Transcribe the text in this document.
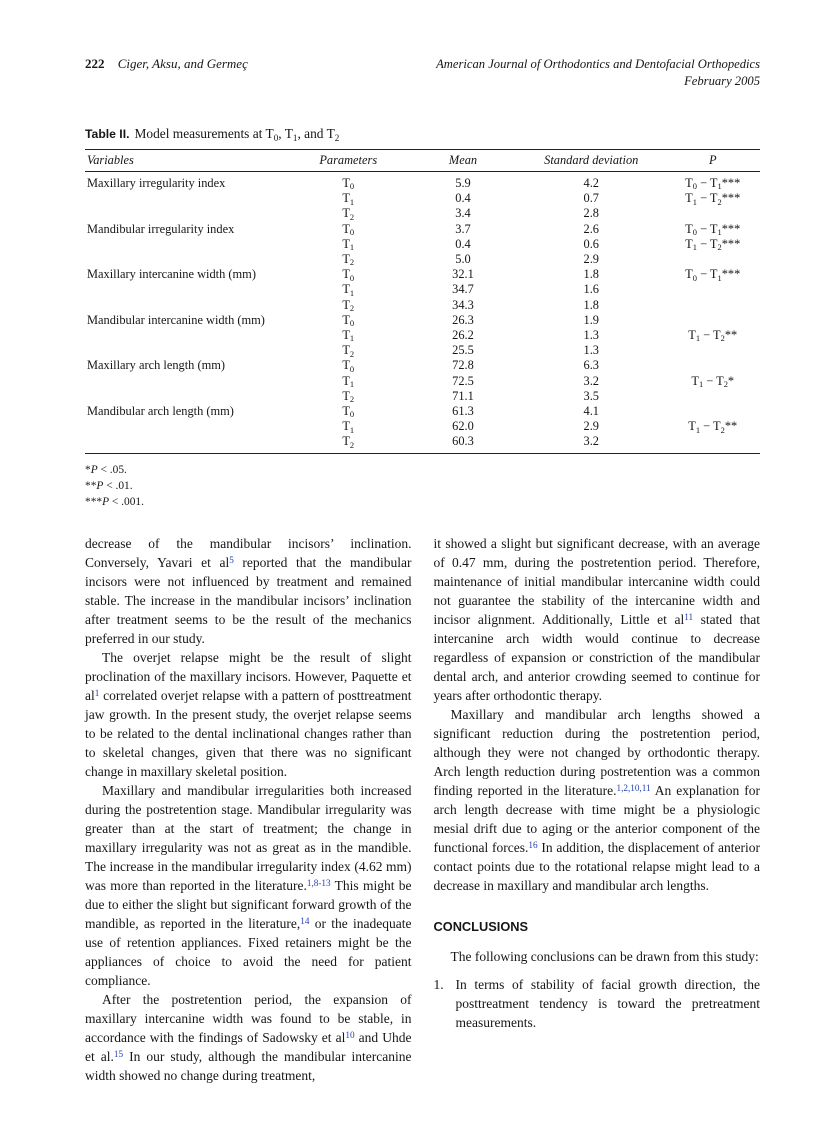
222 Ciger, Aksu, and Germeç	American Journal of Orthodontics and Dentofacial Orthopedics
February 2005
Table II. Model measurements at $T_0$, $T_1$, and $T_2$
Variables	Parameters	Mean	Standard deviation	P
Maxillary irregularity index	$T_0$	5.9	4.2	$T_0 - T_1***$
	$T_1$	0.4	0.7	$T_1 - T_2***$
	$T_2$	3.4	2.8	
Mandibular irregularity index	$T_0$	3.7	2.6	$T_0 - T_1***$
	$T_1$	0.4	0.6	$T_1 - T_2***$
	$T_2$	5.0	2.9	
Maxillary intercanine width (mm)	$T_0$	32.1	1.8	$T_0 - T_1***$
	$T_1$	34.7	1.6	
	$T_2$	34.3	1.8	
Mandibular intercanine width (mm)	$T_0$	26.3	1.9	
	$T_1$	26.2	1.3	$T_1 - T_2**$
	$T_2$	25.5	1.3	
Maxillary arch length (mm)	$T_0$	72.8	6.3	
	$T_1$	72.5	3.2	$T_1 - T_2*$
	$T_2$	71.1	3.5	
Mandibular arch length (mm)	$T_0$	61.3	4.1	
	$T_1$	62.0	2.9	$T_1 - T_2**$
	$T_2$	60.3	3.2	
*P < .05.
**P < .01.
***P < .001.

decrease of the mandibular incisors’ inclination. Conversely, Yavari et al$^5$ reported that the mandibular incisors were not influenced by treatment and remained stable. The increase in the mandibular incisors’ inclination after treatment seems to be the result of the mechanics preferred in our study.

The overjet relapse might be the result of slight proclination of the maxillary incisors. However, Paquette et al$^1$ correlated overjet relapse with a pattern of posttreatment jaw growth. In the present study, the overjet relapse seems to be related to the dental inclinational changes rather than to skeletal changes, given that there was no significant change in maxillary skeletal position.

Maxillary and mandibular irregularities both increased during the postretention stage. Mandibular irregularity was greater than at the start of treatment; the change in maxillary irregularity was not as great as in the mandible. The increase in the mandibular irregularity index (4.62 mm) was more than reported in the literature.$^{1,8-13}$ This might be due to either the slight but significant forward growth of the mandible, as reported in the literature,$^{14}$ or the inadequate use of retention appliances. Fixed retainers might be the appliances of choice to avoid the need for patient compliance.

After the postretention period, the expansion of maxillary intercanine width was found to be stable, in accordance with the findings of Sadowsky et al$^{10}$ and Uhde et al.$^{15}$ In our study, although the mandibular intercanine width showed no change during treatment,

it showed a slight but significant decrease, with an average of 0.47 mm, during the postretention period. Therefore, maintenance of initial mandibular intercanine width could not guarantee the stability of the intercanine width and incisor alignment. Additionally, Little et al$^{11}$ stated that intercanine arch width would continue to decrease regardless of expansion or constriction of the mandibular dental arch, and anterior crowding seemed to continue for years after orthodontic therapy.

Maxillary and mandibular arch lengths showed a significant reduction during the postretention period, although they were not changed by orthodontic therapy. Arch length reduction during postretention was a common finding reported in the literature.$^{1,2,10,11}$ An explanation for arch length decrease with time might be a physiologic mesial drift due to aging or the anterior component of the functional forces.$^{16}$ In addition, the displacement of anterior contact points due to the rotational relapse might lead to a decrease in maxillary and mandibular arch lengths.

CONCLUSIONS

The following conclusions can be drawn from this study:

1. In terms of stability of facial growth direction, the posttreatment tendency is toward the pretreatment measurements.
